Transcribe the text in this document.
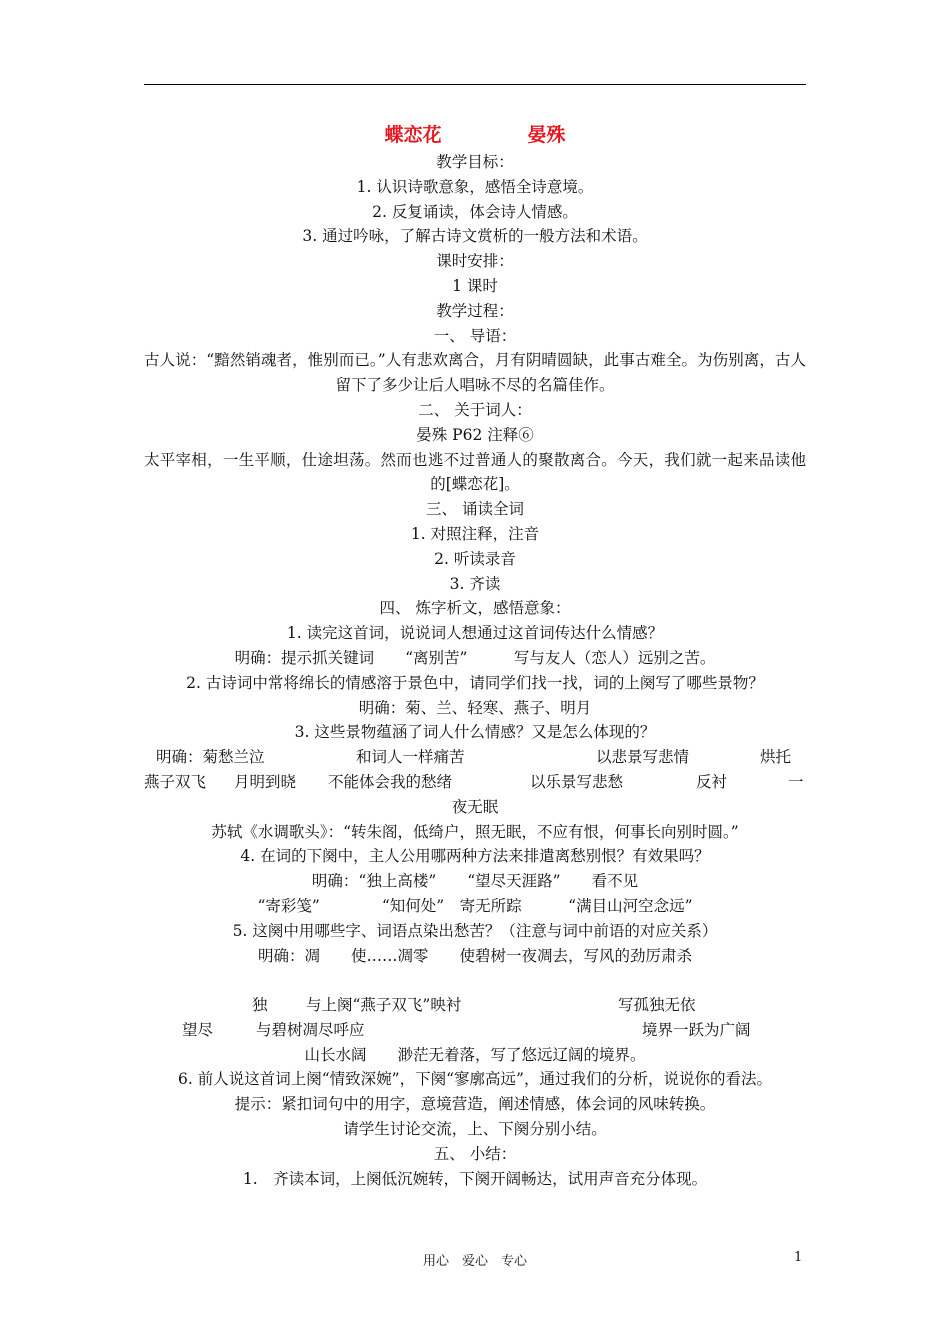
蝶恋花	晏殊
教学目标：
1. 认识诗歌意象，感悟全诗意境。
2. 反复诵读，体会诗人情感。
3. 通过吟咏，了解古诗文赏析的一般方法和术语。
课时安排：
1 课时
教学过程：
一、 导语：
古人说：“黯然销魂者，惟别而已。”人有悲欢离合，月有阴晴圆缺，此事古难全。为伤别离，古人留下了多少让后人唱咏不尽的名篇佳作。
二、 关于词人：
晏殊 P62 注释⑥
太平宰相，一生平顺，仕途坦荡。然而也逃不过普通人的聚散离合。今天，我们就一起来品读他的[蝶恋花]。
三、 诵读全词
1. 对照注释，注音
2. 听读录音
3. 齐读
四、 炼字析文，感悟意象：
1. 读完这首词，说说词人想通过这首词传达什么情感？
明确：提示抓关键词　　“离别苦”　　　写与友人（恋人）远别之苦。
2. 古诗词中常将绵长的情感溶于景色中，请同学们找一找，词的上阕写了哪些景物？
明确：菊、兰、轻寒、燕子、明月
3. 这些景物蕴涵了词人什么情感？又是怎么体现的？
明确：菊愁兰泣	和词人一样痛苦	以悲景写悲情	烘托
燕子双飞	月明到晓	不能体会我的愁绪	以乐景写悲愁	反衬	一
夜无眠
苏轼《水调歌头》：“转朱阁，低绮户，照无眠，不应有恨，何事长向别时圆。”
4. 在词的下阕中，主人公用哪两种方法来排遣离愁别恨？有效果吗？
明确：“独上高楼”　　“望尽天涯路”　　看不见
“寄彩笺”　　　　“知何处”　寄无所踪　　　“满目山河空念远”
5. 这阕中用哪些字、词语点染出愁苦？（注意与词中前语的对应关系）
明确：凋　　使……凋零　　使碧树一夜凋去，写风的劲厉肃杀
独	与上阕“燕子双飞”映衬	写孤独无依
望尽	与碧树凋尽呼应	境界一跃为广阔
山长水阔　　渺茫无着落，写了悠远辽阔的境界。
6. 前人说这首词上阕“情致深婉”，下阕“寥廓高远”，通过我们的分析，说说你的看法。
提示：紧扣词句中的用字，意境营造，阐述情感，体会词的风味转换。
请学生讨论交流，上、下阕分别小结。
五、 小结：
1.　齐读本词，上阕低沉婉转，下阕开阔畅达，试用声音充分体现。
用心　爱心　专心	1
